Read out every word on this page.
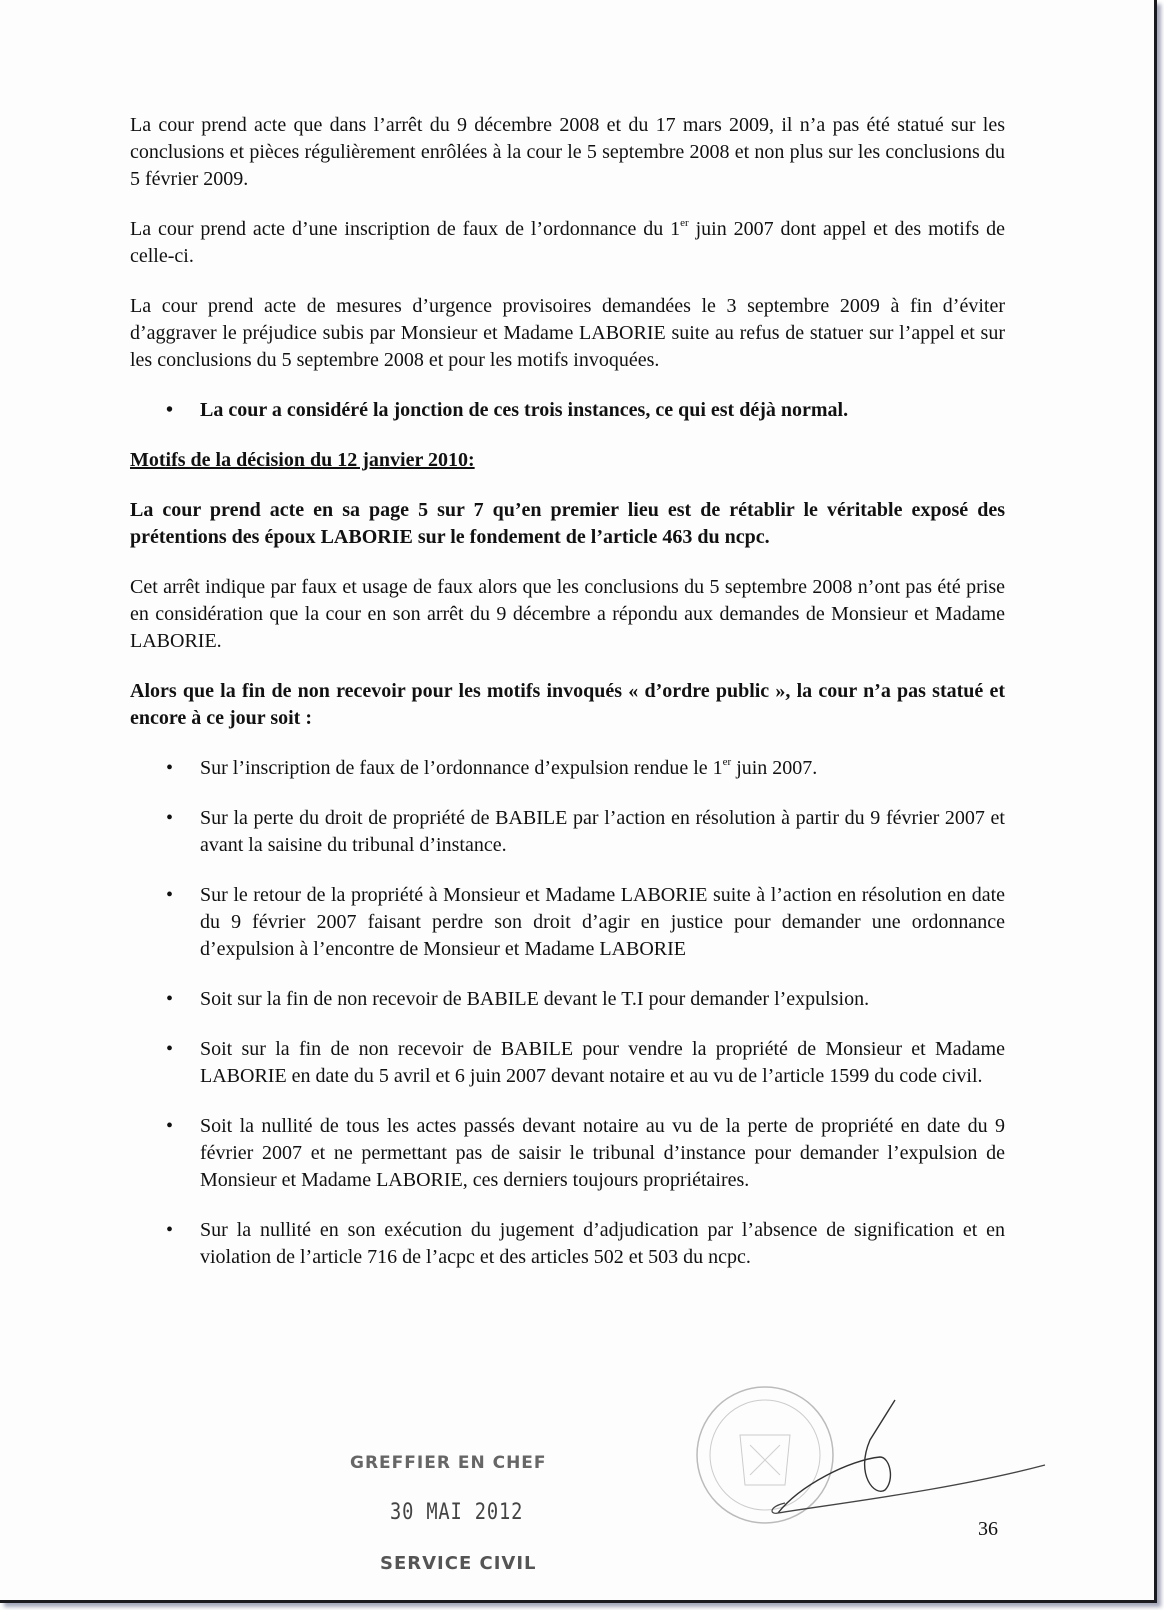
La cour prend acte que dans l’arrêt du 9 décembre 2008 et du 17 mars 2009, il n’a pas été statué sur les conclusions et pièces régulièrement enrôlées à la cour le 5 septembre 2008 et non plus sur les conclusions du 5 février 2009.

La cour prend acte d’une inscription de faux de l’ordonnance du 1er juin 2007 dont appel et des motifs de celle-ci.

La cour prend acte de mesures d’urgence provisoires demandées le 3 septembre 2009 à fin d’éviter d’aggraver le préjudice subis par Monsieur et Madame LABORIE suite au refus de statuer sur l’appel et sur les conclusions du 5 septembre 2008 et pour les motifs invoquées.

• La cour a considéré la jonction de ces trois instances, ce qui est déjà normal.

Motifs de la décision du 12 janvier 2010:

La cour prend acte en sa page 5 sur 7 qu’en premier lieu est de rétablir le véritable exposé des prétentions des époux LABORIE sur le fondement de l’article 463 du ncpc.

Cet arrêt indique par faux et usage de faux alors que les conclusions du 5 septembre 2008 n’ont pas été prise en considération que la cour en son arrêt du 9 décembre a répondu aux demandes de Monsieur et Madame LABORIE.

Alors que la fin de non recevoir pour les motifs invoqués « d’ordre public », la cour n’a pas statué et encore à ce jour soit :

• Sur l’inscription de faux de l’ordonnance d’expulsion rendue le 1er juin 2007.
• Sur la perte du droit de propriété de BABILE par l’action en résolution à partir du 9 février 2007 et avant la saisine du tribunal d’instance.
• Sur le retour de la propriété à Monsieur et Madame LABORIE suite à l’action en résolution en date du 9 février 2007 faisant perdre son droit d’agir en justice pour demander une ordonnance d’expulsion à l’encontre de Monsieur et Madame LABORIE
• Soit sur la fin de non recevoir de BABILE devant le T.I pour demander l’expulsion.
• Soit sur la fin de non recevoir de BABILE pour vendre la propriété de Monsieur et Madame LABORIE en date du 5 avril et 6 juin 2007 devant notaire et au vu de l’article 1599 du code civil.
• Soit la nullité de tous les actes passés devant notaire au vu de la perte de propriété en date du 9 février 2007 et ne permettant pas de saisir le tribunal d’instance pour demander l’expulsion de Monsieur et Madame LABORIE, ces derniers toujours propriétaires.
• Sur la nullité en son exécution du jugement d’adjudication par l’absence de signification et en violation de l’article 716 de l’acpc et des articles 502 et 503 du ncpc.
GREFFIER EN CHEF
30 MAI 2012
SERVICE CIVIL
36
